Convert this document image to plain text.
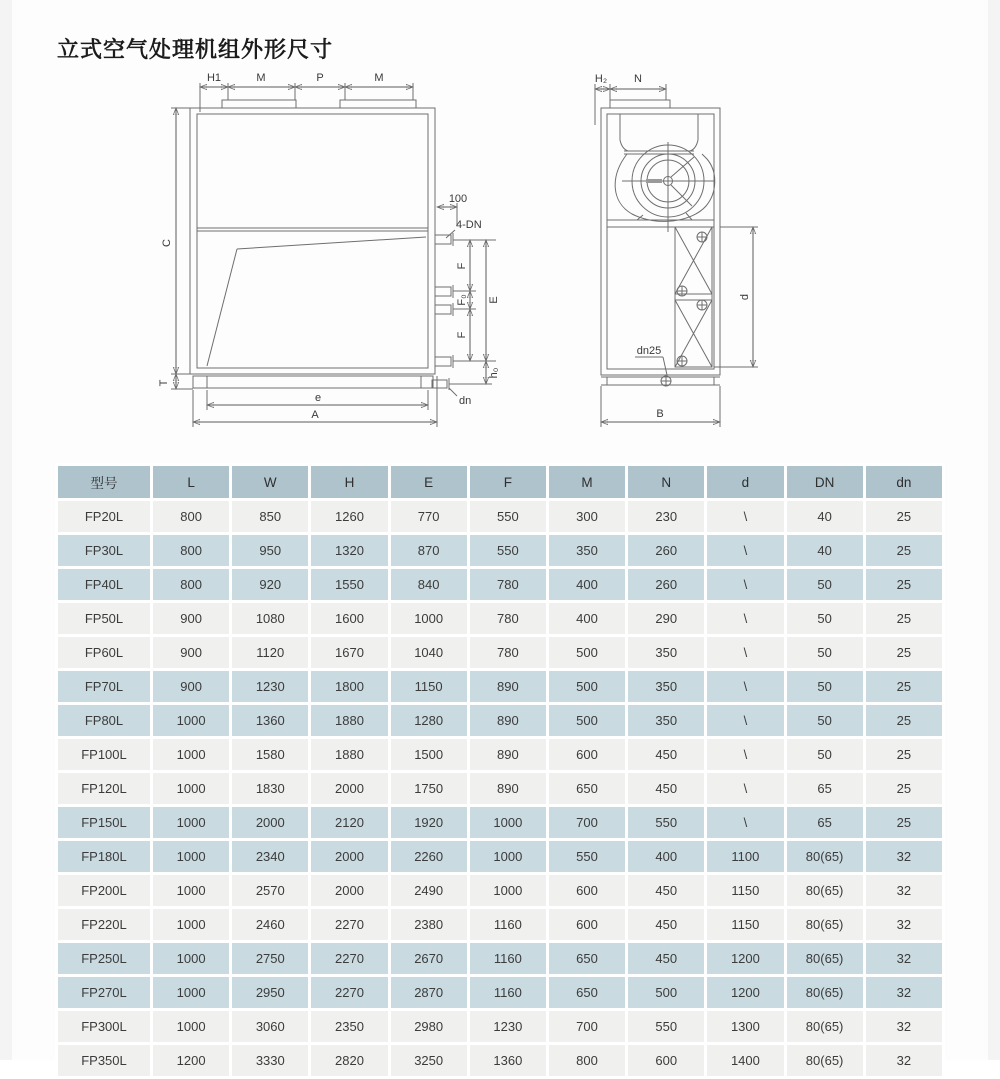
立式空气处理机组外形尺寸
H1	M	P	M
C
T
100
4-DN
F
F₀
F
E
h₀
dn
e
A
H₂ N
dn25
d
B
型号	L	W	H	E	F	M	N	d	DN	dn
FP20L	800	850	1260	770	550	300	230	\	40	25
FP30L	800	950	1320	870	550	350	260	\	40	25
FP40L	800	920	1550	840	780	400	260	\	50	25
FP50L	900	1080	1600	1000	780	400	290	\	50	25
FP60L	900	1120	1670	1040	780	500	350	\	50	25
FP70L	900	1230	1800	1150	890	500	350	\	50	25
FP80L	1000	1360	1880	1280	890	500	350	\	50	25
FP100L	1000	1580	1880	1500	890	600	450	\	50	25
FP120L	1000	1830	2000	1750	890	650	450	\	65	25
FP150L	1000	2000	2120	1920	1000	700	550	\	65	25
FP180L	1000	2340	2000	2260	1000	550	400	1100	80(65)	32
FP200L	1000	2570	2000	2490	1000	600	450	1150	80(65)	32
FP220L	1000	2460	2270	2380	1160	600	450	1150	80(65)	32
FP250L	1000	2750	2270	2670	1160	650	450	1200	80(65)	32
FP270L	1000	2950	2270	2870	1160	650	500	1200	80(65)	32
FP300L	1000	3060	2350	2980	1230	700	550	1300	80(65)	32
FP350L	1200	3330	2820	3250	1360	800	600	1400	80(65)	32
